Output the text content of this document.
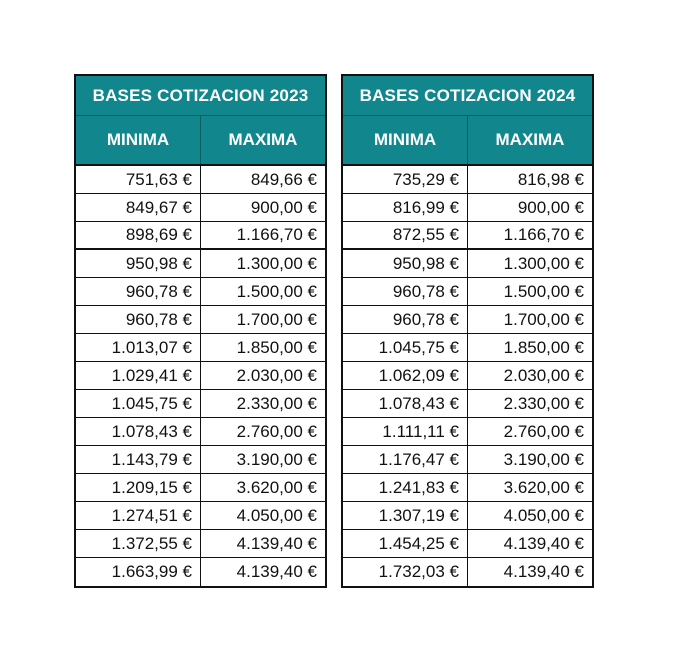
BASES COTIZACION 2023
MINIMA	MAXIMA
751,63 €	849,66 €
849,67 €	900,00 €
898,69 €	1.166,70 €
950,98 €	1.300,00 €
960,78 €	1.500,00 €
960,78 €	1.700,00 €
1.013,07 €	1.850,00 €
1.029,41 €	2.030,00 €
1.045,75 €	2.330,00 €
1.078,43 €	2.760,00 €
1.143,79 €	3.190,00 €
1.209,15 €	3.620,00 €
1.274,51 €	4.050,00 €
1.372,55 €	4.139,40 €
1.663,99 €	4.139,40 €
BASES COTIZACION 2024
MINIMA	MAXIMA
735,29 €	816,98 €
816,99 €	900,00 €
872,55 €	1.166,70 €
950,98 €	1.300,00 €
960,78 €	1.500,00 €
960,78 €	1.700,00 €
1.045,75 €	1.850,00 €
1.062,09 €	2.030,00 €
1.078,43 €	2.330,00 €
1.111,11 €	2.760,00 €
1.176,47 €	3.190,00 €
1.241,83 €	3.620,00 €
1.307,19 €	4.050,00 €
1.454,25 €	4.139,40 €
1.732,03 €	4.139,40 €
